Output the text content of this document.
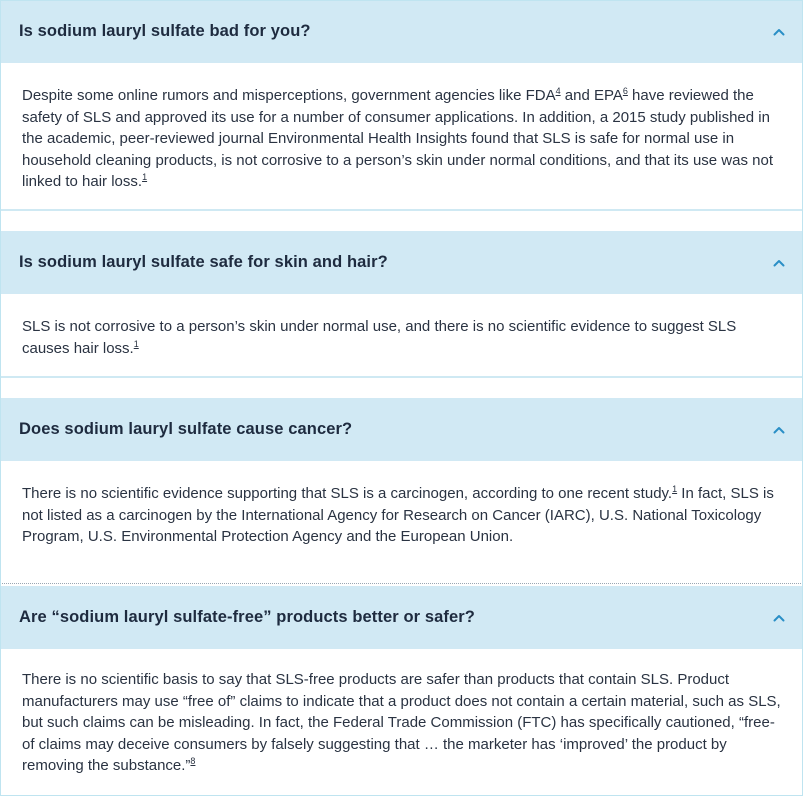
Is sodium lauryl sulfate bad for you?

Despite some online rumors and misperceptions, government agencies like FDA$^4$ and EPA$^6$ have reviewed the safety of SLS and approved its use for a number of consumer applications. In addition, a 2015 study published in the academic, peer-reviewed journal Environmental Health Insights found that SLS is safe for normal use in household cleaning products, is not corrosive to a person’s skin under normal conditions, and that its use was not linked to hair loss.$^1$

Is sodium lauryl sulfate safe for skin and hair?

SLS is not corrosive to a person’s skin under normal use, and there is no scientific evidence to suggest SLS causes hair loss.$^1$

Does sodium lauryl sulfate cause cancer?

There is no scientific evidence supporting that SLS is a carcinogen, according to one recent study.$^1$ In fact, SLS is not listed as a carcinogen by the International Agency for Research on Cancer (IARC), U.S. National Toxicology Program, U.S. Environmental Protection Agency and the European Union.

Are “sodium lauryl sulfate-free” products better or safer?

There is no scientific basis to say that SLS-free products are safer than products that contain SLS. Product manufacturers may use “free of” claims to indicate that a product does not contain a certain material, such as SLS, but such claims can be misleading. In fact, the Federal Trade Commission (FTC) has specifically cautioned, “free-of claims may deceive consumers by falsely suggesting that … the marketer has ‘improved’ the product by removing the substance.”$^8$
